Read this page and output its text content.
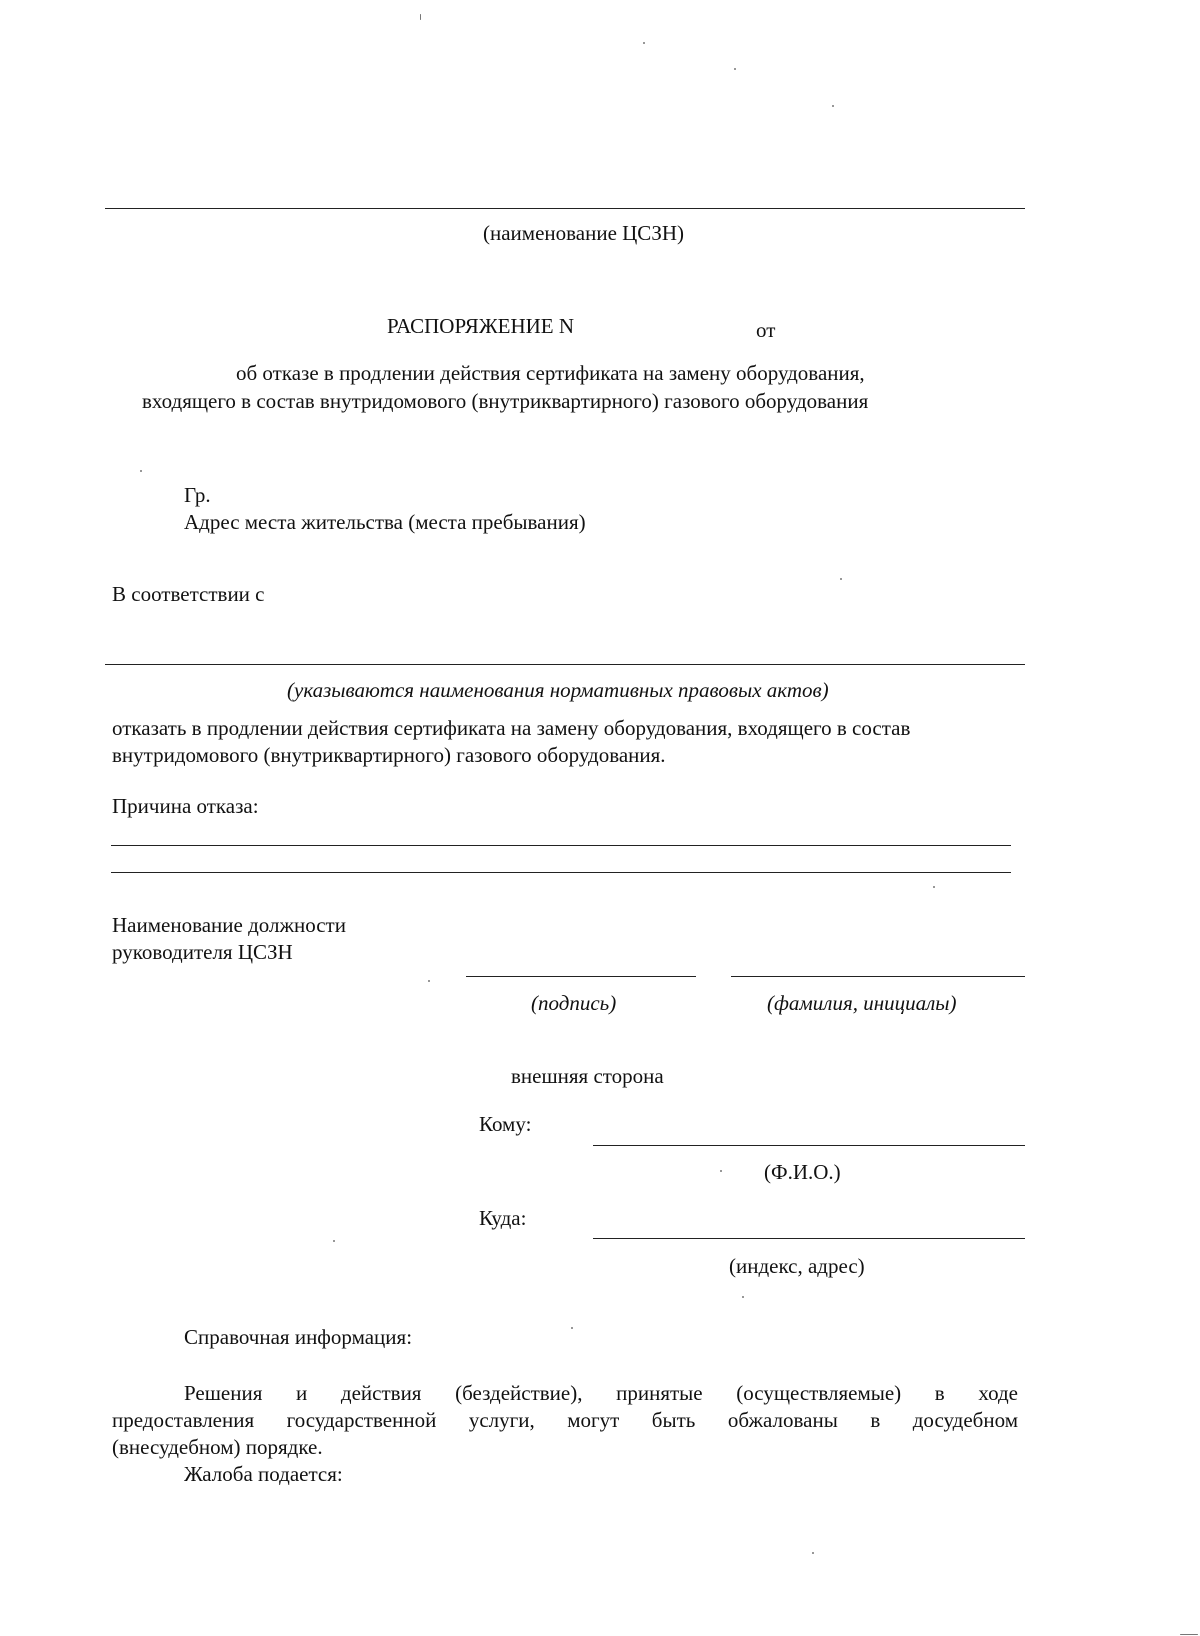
(наименование ЦСЗН)
РАСПОРЯЖЕНИЕ N	от
об отказе в продлении действия сертификата на замену оборудования,
входящего в состав внутридомового (внутриквартирного) газового оборудования
Гр.
Адрес места жительства (места пребывания)
В соответствии с
(указываются наименования нормативных правовых актов)
отказать в продлении действия сертификата на замену оборудования, входящего в состав
внутридомового (внутриквартирного) газового оборудования.
Причина отказа:
Наименование должности
руководителя ЦСЗН
(подпись)	(фамилия, инициалы)
внешняя сторона
Кому:
(Ф.И.О.)
Куда:
(индекс, адрес)
Справочная информация:
Решения и действия (бездействие), принятые (осуществляемые) в ходе
предоставления государственной услуги, могут быть обжалованы в досудебном
(внесудебном) порядке.
Жалоба подается:
